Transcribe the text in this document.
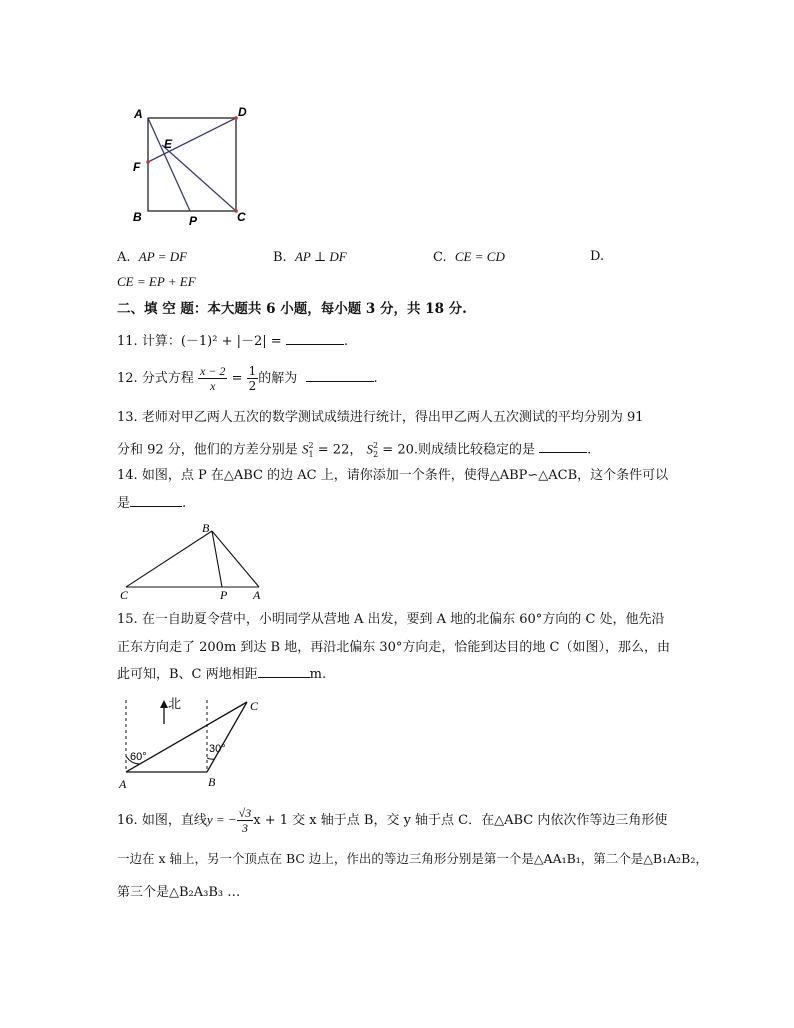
A	D
E
F
B	P	C
A. AP = DF	B. AP ⊥ DF	C. CE = CD	D.
CE = EP + EF
二、填 空 题：本大题共 6 小题，每小题 3 分，共 18 分.
11. 计算：(－1)² + |－2| =	.
12. 分式方程 $\frac{x - 2}{x} = \frac{1}{2}$ 的解为	.
13. 老师对甲乙两人五次的数学测试成绩进行统计，得出甲乙两人五次测试的平均分别为 91
分和 92 分，他们的方差分别是 $S^2_1 = 22$， $S^2_2 = 20$.则成绩比较稳定的是	.
14. 如图，点 P 在△ABC 的边 AC 上，请你添加一个条件，使得△ABP∽△ACB，这个条件可以
是	.
B
C	P A
15. 在一自助夏令营中，小明同学从营地 A 出发，要到 A 地的北偏东 60°方向的 C 处，他先沿
正东方向走了 200m 到达 B 地，再沿北偏东 30°方向走，恰能到达目的地 C（如图），那么，由
此可知，B、C 两地相距	m.
北	C
60°
30°
A	B
16. 如图，直线y = − $\frac{√3}{3}$ x + 1 交 x 轴于点 B，交 y 轴于点 C．在△ABC 内依次作等边三角形使
一边在 x 轴上，另一个顶点在 BC 边上，作出的等边三角形分别是第一个是△AA₁B₁，第二个是△B₁A₂B₂，
第三个是△B₂A₃B₃ …
